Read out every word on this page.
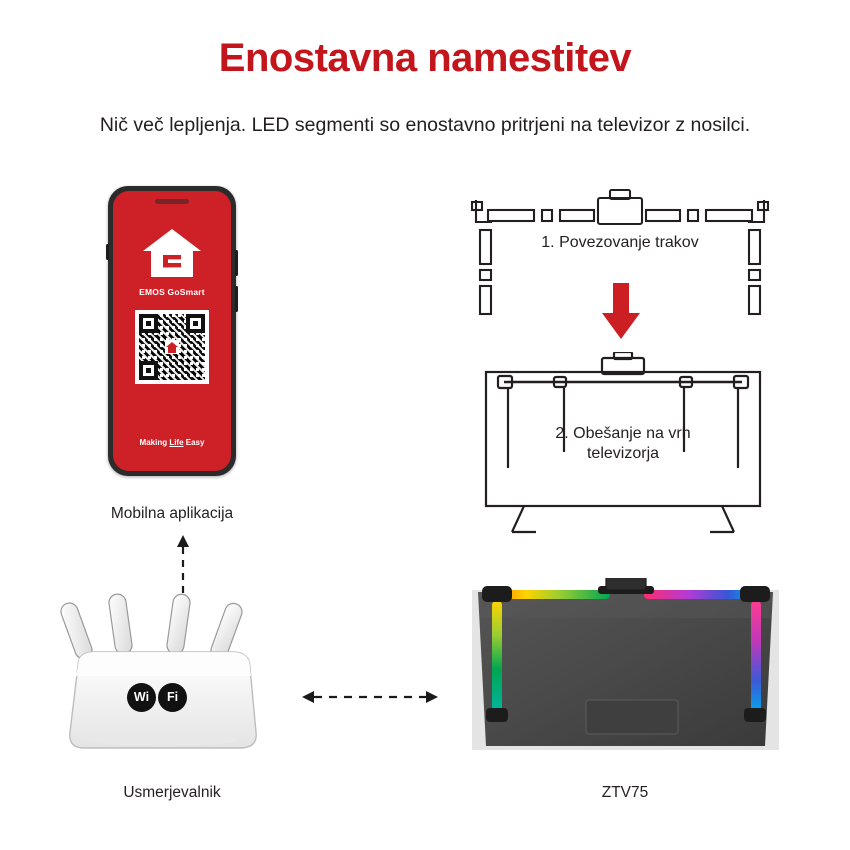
Enostavna namestitev
Nič več lepljenja. LED segmenti so enostavno pritrjeni na televizor z nosilci.
EMOS GoSmart
Making Life Easy
Mobilna aplikacija
Wi	Fi
Usmerjevalnik
1. Povezovanje trakov
2. Obešanje na vrh
televizorja
ZTV75
